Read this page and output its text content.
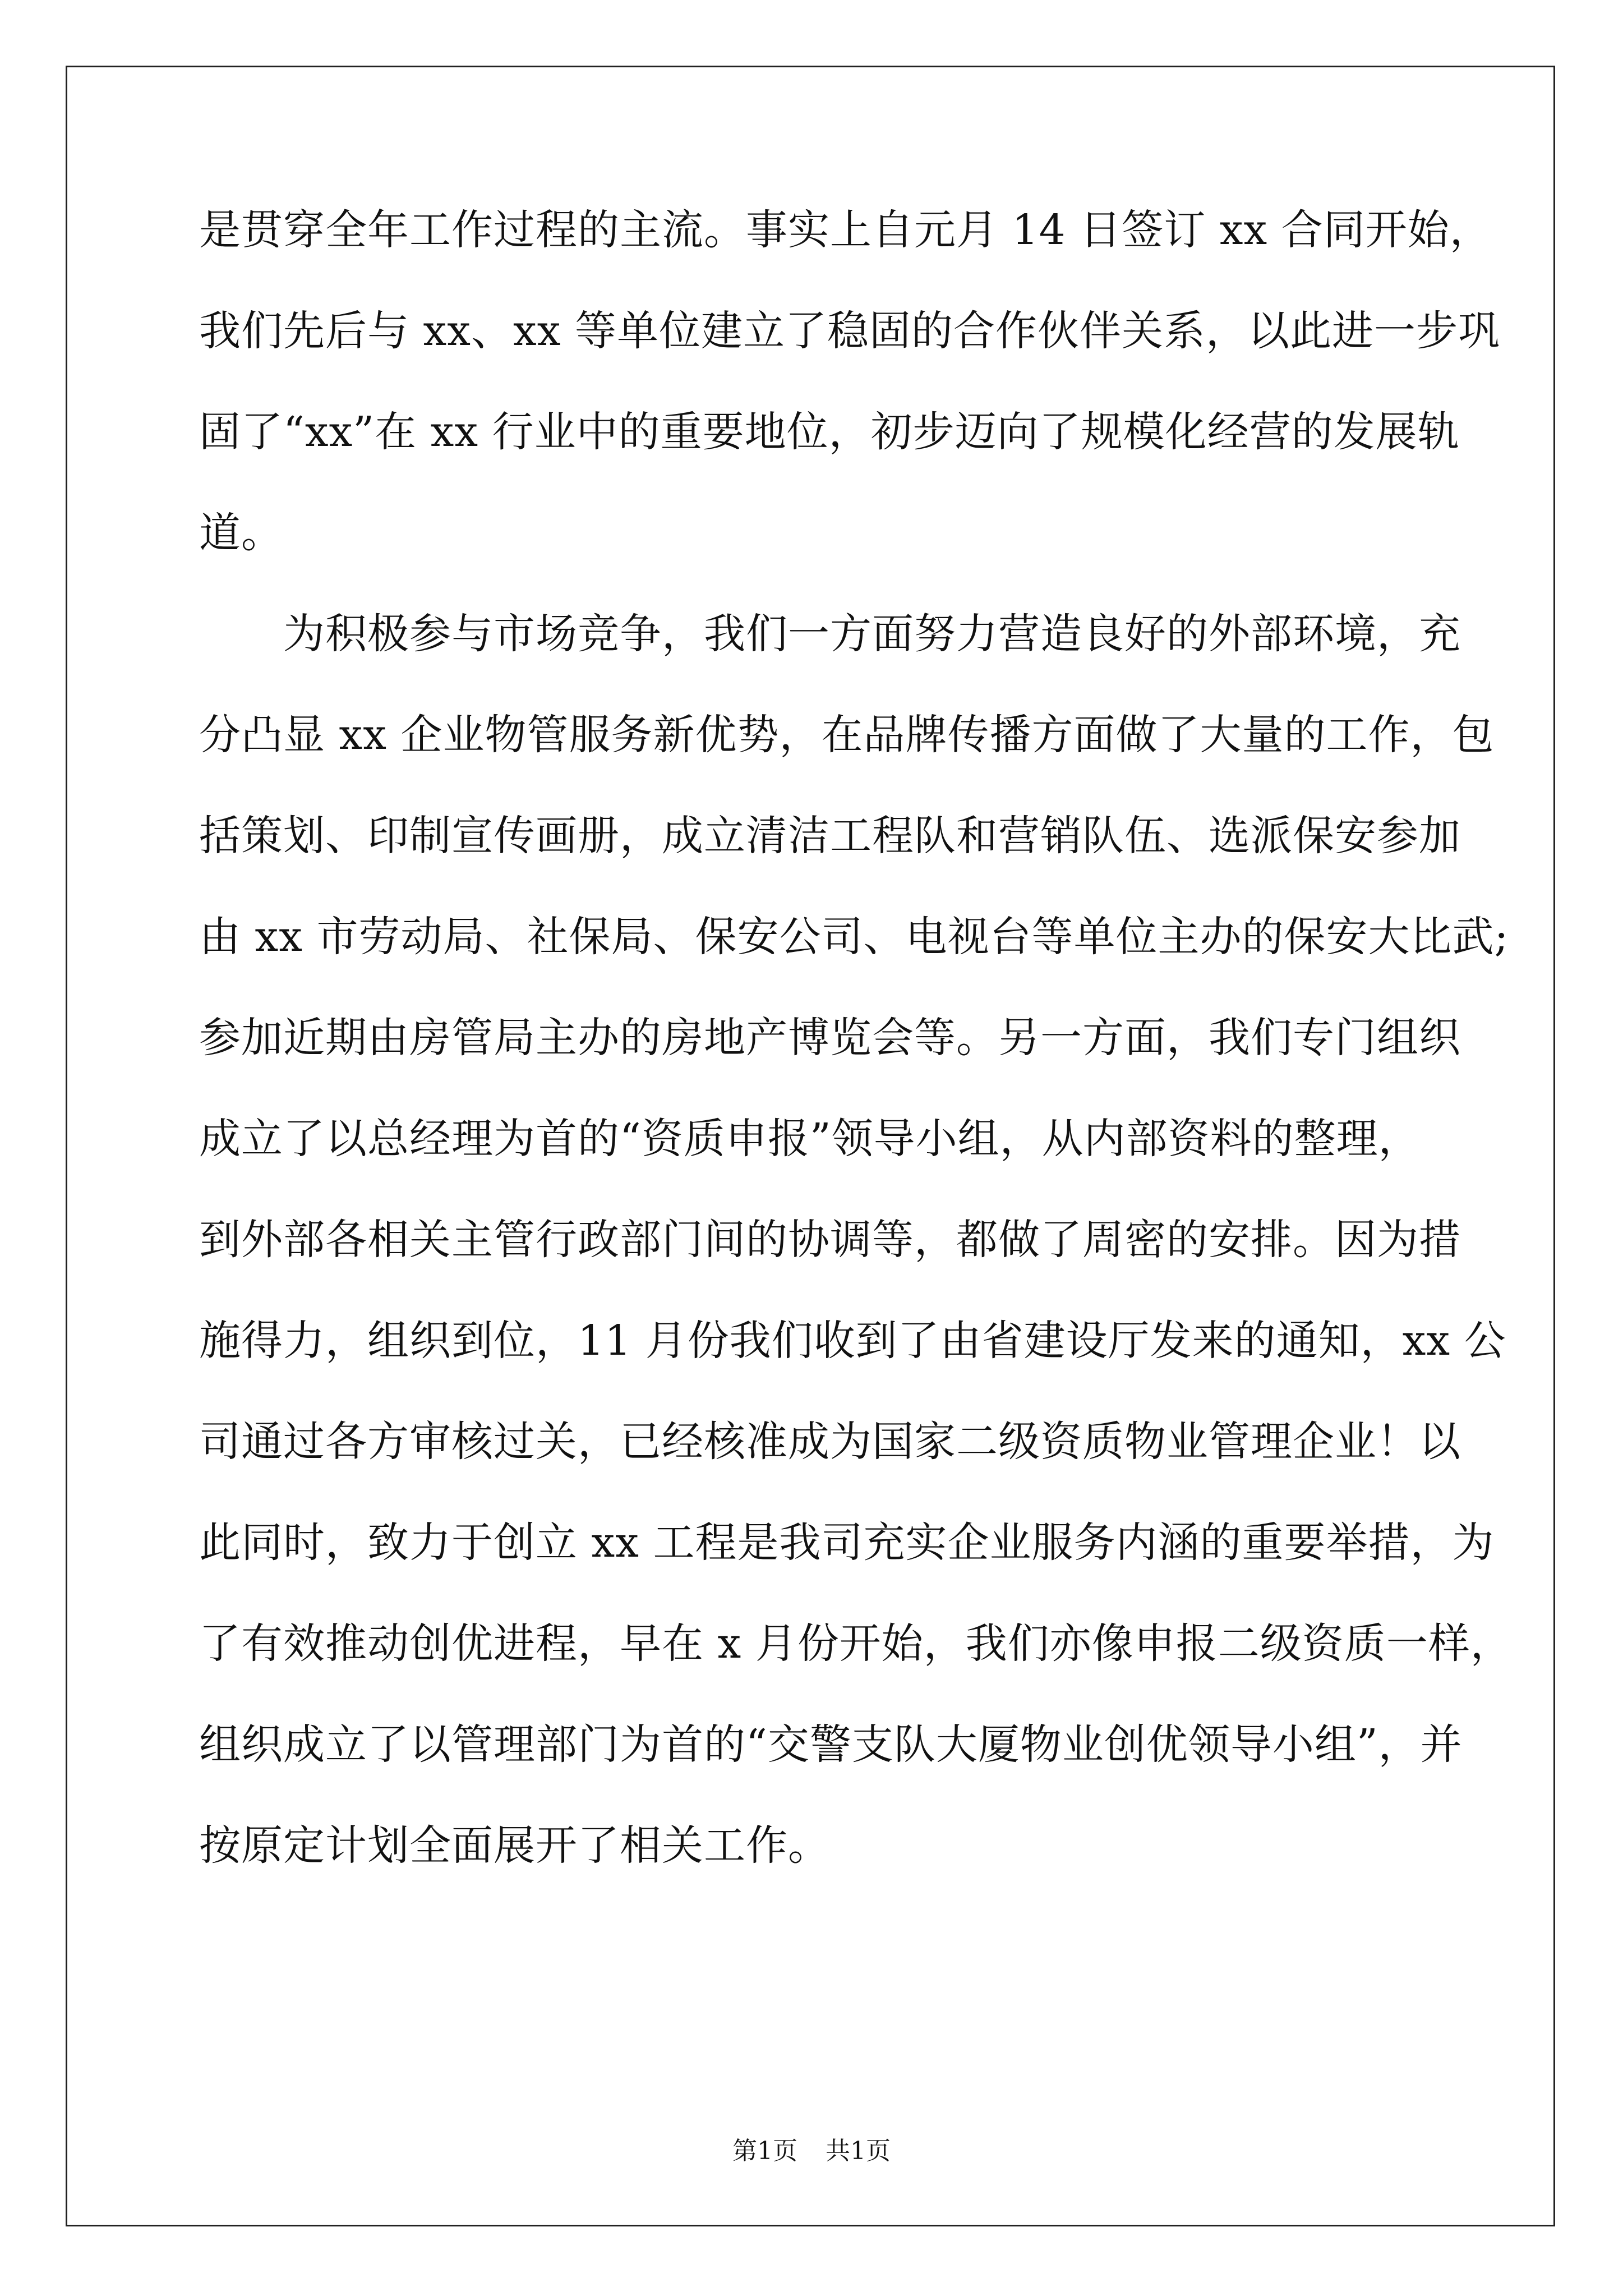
是贯穿全年工作过程的主流。事实上自元月 14 日签订 xx 合同开始，
我们先后与 xx、xx 等单位建立了稳固的合作伙伴关系，以此进一步巩
固了“xx”在 xx 行业中的重要地位，初步迈向了规模化经营的发展轨
道。
　　为积极参与市场竞争，我们一方面努力营造良好的外部环境，充
分凸显 xx 企业物管服务新优势，在品牌传播方面做了大量的工作，包
括策划、印制宣传画册，成立清洁工程队和营销队伍、选派保安参加
由 xx 市劳动局、社保局、保安公司、电视台等单位主办的保安大比武;
参加近期由房管局主办的房地产博览会等。另一方面，我们专门组织
成立了以总经理为首的“资质申报”领导小组，从内部资料的整理，
到外部各相关主管行政部门间的协调等，都做了周密的安排。因为措
施得力，组织到位，11 月份我们收到了由省建设厅发来的通知，xx 公
司通过各方审核过关，已经核准成为国家二级资质物业管理企业！以
此同时，致力于创立 xx 工程是我司充实企业服务内涵的重要举措，为
了有效推动创优进程，早在 x 月份开始，我们亦像申报二级资质一样，
组织成立了以管理部门为首的“交警支队大厦物业创优领导小组”，并
按原定计划全面展开了相关工作。
第1页 共1页
